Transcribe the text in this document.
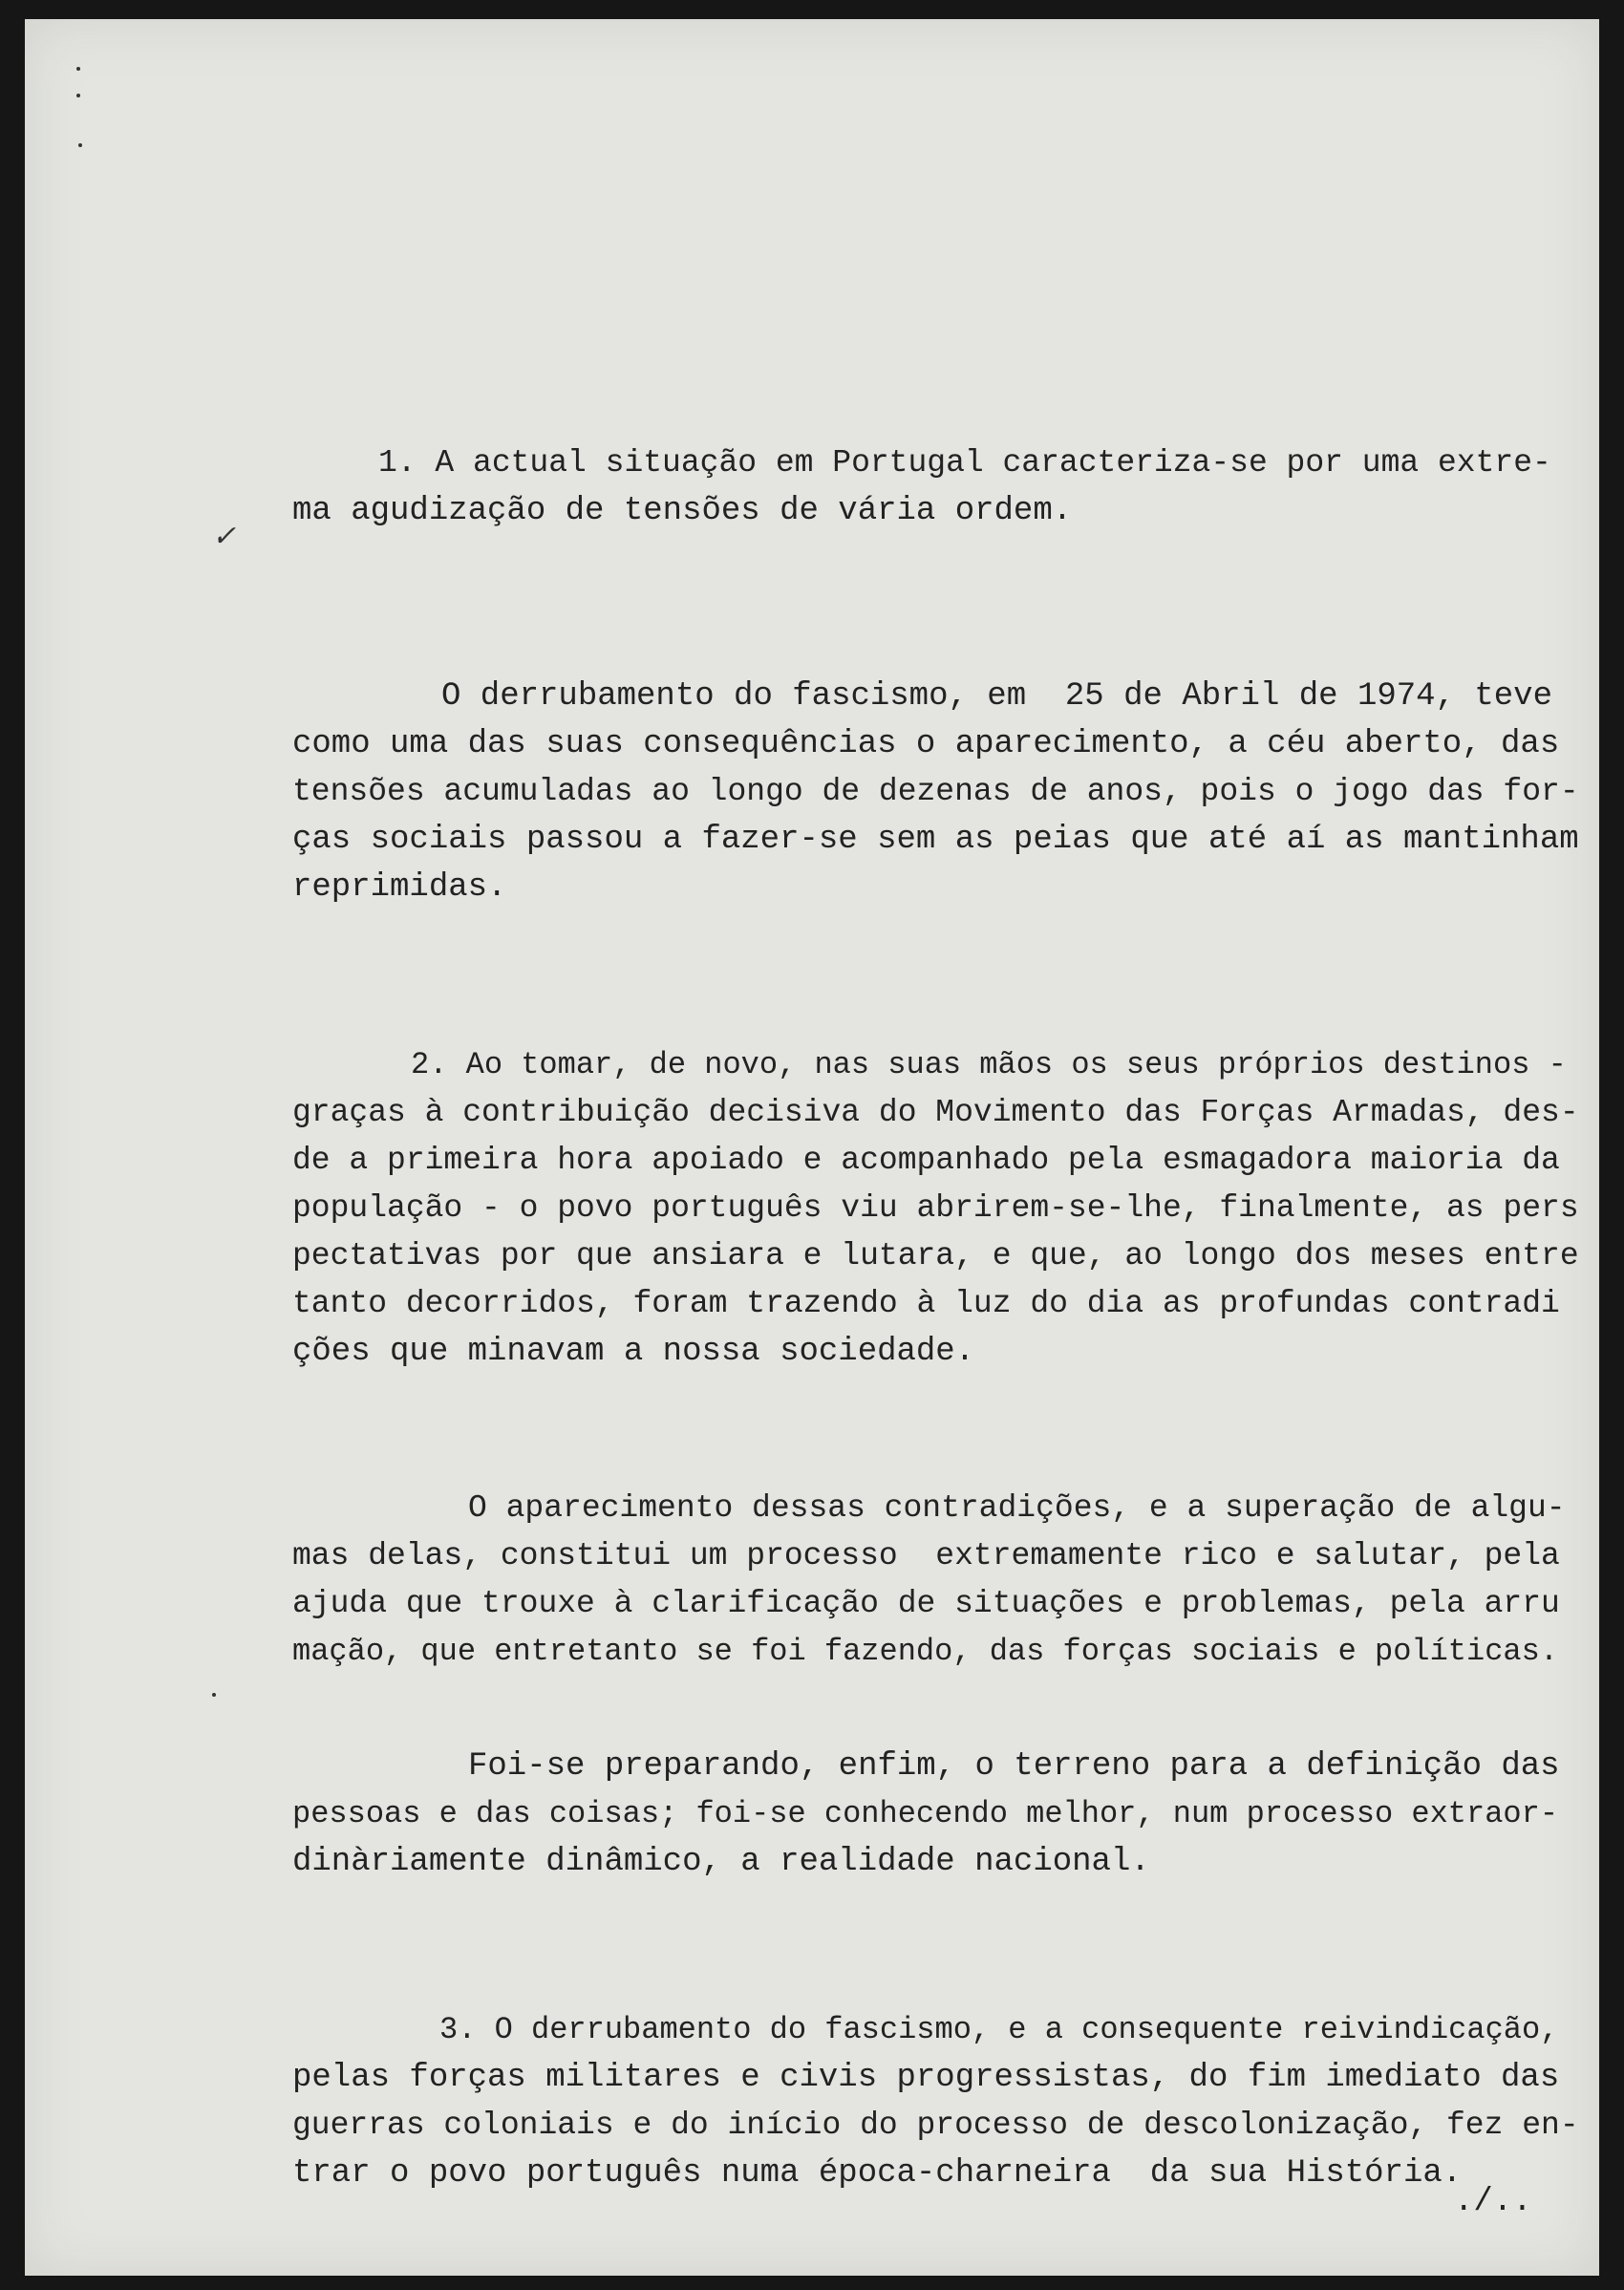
✓
1. A actual situação em Portugal caracteriza-se por uma extre-
ma agudização de tensões de vária ordem.
O derrubamento do fascismo, em  25 de Abril de 1974, teve
como uma das suas consequências o aparecimento, a céu aberto, das
tensões acumuladas ao longo de dezenas de anos, pois o jogo das for-
ças sociais passou a fazer-se sem as peias que até aí as mantinham
reprimidas.
2. Ao tomar, de novo, nas suas mãos os seus próprios destinos -
graças à contribuição decisiva do Movimento das Forças Armadas, des-
de a primeira hora apoiado e acompanhado pela esmagadora maioria da
população - o povo português viu abrirem-se-lhe, finalmente, as pers
pectativas por que ansiara e lutara, e que, ao longo dos meses entre
tanto decorridos, foram trazendo à luz do dia as profundas contradi
ções que minavam a nossa sociedade.
O aparecimento dessas contradições, e a superação de algu-
mas delas, constitui um processo  extremamente rico e salutar, pela
ajuda que trouxe à clarificação de situações e problemas, pela arru
mação, que entretanto se foi fazendo, das forças sociais e políticas.
Foi-se preparando, enfim, o terreno para a definição das
pessoas e das coisas; foi-se conhecendo melhor, num processo extraor-
dinàriamente dinâmico, a realidade nacional.
3. O derrubamento do fascismo, e a consequente reivindicação,
pelas forças militares e civis progressistas, do fim imediato das
guerras coloniais e do início do processo de descolonização, fez en-
trar o povo português numa época-charneira  da sua História.
./..
